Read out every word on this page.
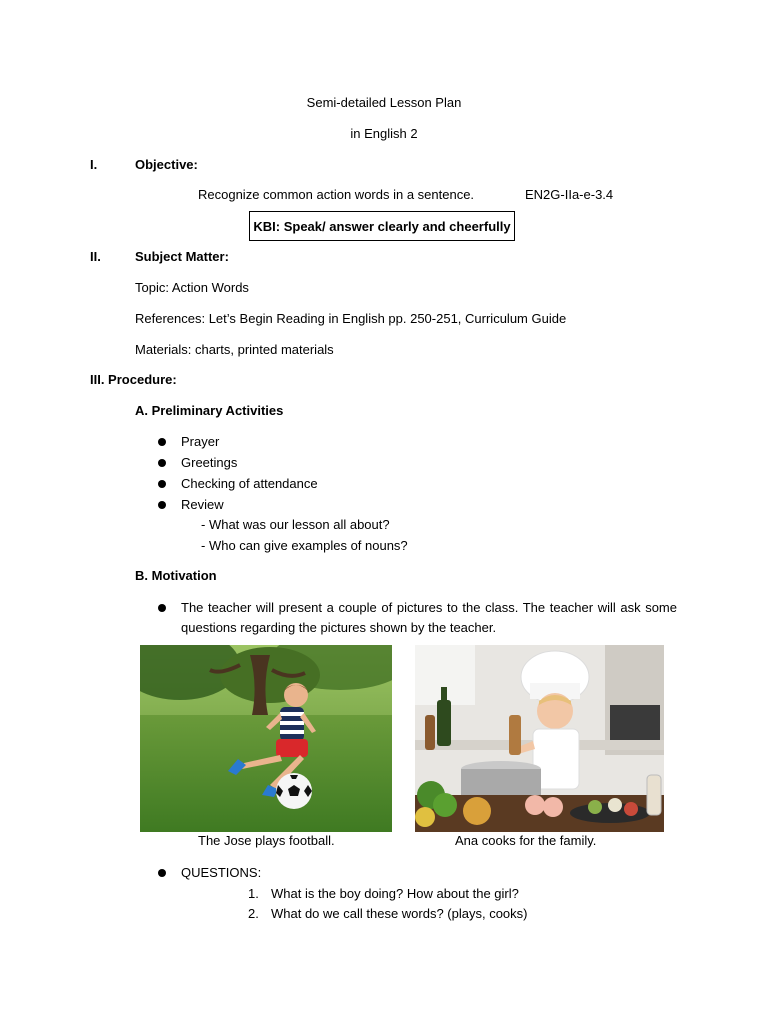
Semi-detailed Lesson Plan
in English 2
I.	Objective:
Recognize common action words in a sentence.	EN2G-IIa-e-3.4
KBI: Speak/ answer clearly and cheerfully
II.	Subject Matter:
Topic: Action Words
References: Let’s Begin Reading in English pp. 250-251, Curriculum Guide
Materials: charts, printed materials
III. Procedure:
A. Preliminary Activities
Prayer
Greetings
Checking of attendance
Review
- What was our lesson all about?
- Who can give examples of nouns?
B. Motivation
The teacher will present a couple of pictures to the class. The teacher will ask some
questions regarding the pictures shown by the teacher.
The Jose plays football.	Ana cooks for the family.
QUESTIONS:
1. What is the boy doing? How about the girl?
2. What do we call these words? (plays, cooks)
